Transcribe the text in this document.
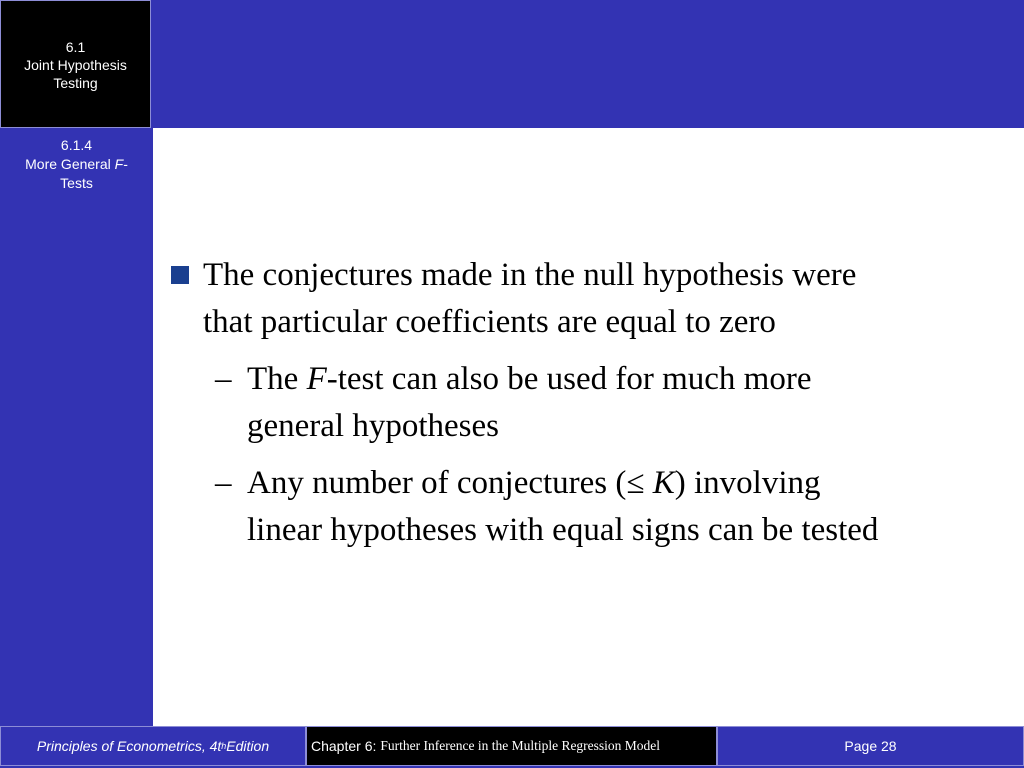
6.1
Joint Hypothesis
Testing
6.1.4
More General F-
Tests
The conjectures made in the null hypothesis were
that particular coefficients are equal to zero
– The F-test can also be used for much more
general hypotheses
– Any number of conjectures (≤ K) involving
linear hypotheses with equal signs can be tested
Principles of Econometrics, 4t h Edition	Chapter 6: Further Inference in the Multiple Regression Model	Page 28
